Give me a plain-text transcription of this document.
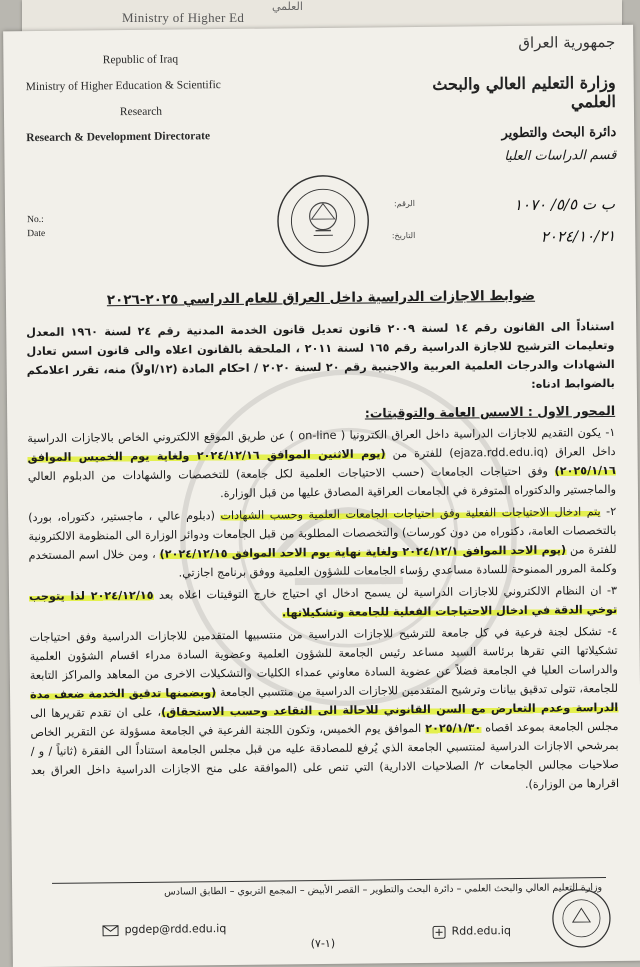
Ministry of Higher Ed
العلمي
Republic of Iraq
Ministry of Higher Education & Scientific
Research
Research & Development Directorate
جمهورية العراق
وزارة التعليم العالي والبحث العلمي
دائرة البحث والتطوير
قسم الدراسات العليا
الرقم:	ب ت ٥/٥/ ١٠٧٠
التاريخ:	٢٠٢٤/١٠/٢١
No.:
Date
ضوابط الاجازات الدراسية داخل العراق للعام الدراسي ٢٠٢٥-٢٠٢٦

استناداً الى القانون رقم ١٤ لسنة ٢٠٠٩ قانون تعديل قانون الخدمة المدنية رقم ٢٤ لسنة ١٩٦٠ المعدل وتعليمات الترشيح للاجازة الدراسية رقم ١٦٥ لسنة ٢٠١١ ، الملحقة بالقانون اعلاه والى قانون اسس تعادل الشهادات والدرجات العلمية العربية والاجنبية رقم ٢٠ لسنة ٢٠٢٠ / احكام المادة (١٢/اولاً) منه، تقرر اعلامكم بالضوابط ادناه:

المحور الاول : الاسس العامة والتوقيتات:

١- يكون التقديم للاجازات الدراسية داخل العراق الكترونيا ( on-line ) عن طريق الموقع الالكتروني الخاص بالاجازات الدراسية داخل العراق (ejaza.rdd.edu.iq) للفترة من (يوم الاثنين الموافق ٢٠٢٤/١٢/١٦ ولغاية يوم الخميس الموافق ٢٠٢٥/١/١٦) وفق احتياجات الجامعات (حسب الاحتياجات العلمية لكل جامعة) للتخصصات والشهادات من الدبلوم العالي والماجستير والدكتوراه المتوفرة في الجامعات العراقية المصادق عليها من قبل الوزارة.

٢- يتم ادخال الاحتياجات الفعلية وفق احتياجات الجامعات العلمية وحسب الشهادات (دبلوم عالي ، ماجستير، دكتوراه، بورد) بالتخصصات العامة، دكتوراه من دون كورسات) والتخصصات المطلوبة من قبل الجامعات ودوائر الوزارة الى المنظومة الالكترونية للفترة من (يوم الاحد الموافق ٢٠٢٤/١٢/١ ولغاية نهاية يوم الاحد الموافق ٢٠٢٤/١٢/١٥) ، ومن خلال اسم المستخدم وكلمة المرور الممنوحة للسادة مساعدي رؤساء الجامعات للشؤون العلمية ووفق برنامج اجازتي.

٣- ان النظام الالكتروني للاجازات الدراسية لن يسمح ادخال اي احتياج خارج التوقيتات اعلاه بعد ٢٠٢٤/١٢/١٥ لذا يتوجب توخي الدقة في ادخال الاحتياجات الفعلية للجامعة وتشكيلاتها.

٤- تشكل لجنة فرعية في كل جامعة للترشيح للاجازات الدراسية من منتسبيها المتقدمين للاجازات الدراسية وفق احتياجات تشكيلاتها التي تقرها برئاسة السيد مساعد رئيس الجامعة للشؤون العلمية وعضوية السادة مدراء اقسام الشؤون العلمية والدراسات العليا في الجامعة فضلاً عن عضوية السادة معاوني عمداء الكليات والتشكيلات الاخرى من المعاهد والمراكز التابعة للجامعة، تتولى تدقيق بيانات وترشيح المتقدمين للاجازات الدراسية من منتسبي الجامعة (وبضمنها تدقيق الخدمة ضعف مدة الدراسة وعدم التعارض مع السن القانوني للاحالة الى التقاعد وحسب الاستحقاق)، على ان تقدم تقريرها الى مجلس الجامعة بموعد اقصاه ٢٠٢٥/١/٣٠ الموافق يوم الخميس، وتكون اللجنة الفرعية في الجامعة مسؤولة عن التقرير الخاص بمرشحي الاجازات الدراسية لمنتسبي الجامعة الذي يُرفع للمصادقة عليه من قبل مجلس الجامعة استناداً الى الفقرة (ثانياً / و /صلاحيات مجالس الجامعات ٢/ الصلاحيات الادارية) التي تنص على (الموافقة على منح الاجازات الدراسية داخل العراق بعد اقرارها من الوزارة).

وزارة التعليم العالي والبحث العلمي – دائرة البحث والتطوير – القصر الأبيض – المجمع التربوي – الطابق السادس
pgdep@rdd.edu.iq	Rdd.edu.iq
(١-٧)
